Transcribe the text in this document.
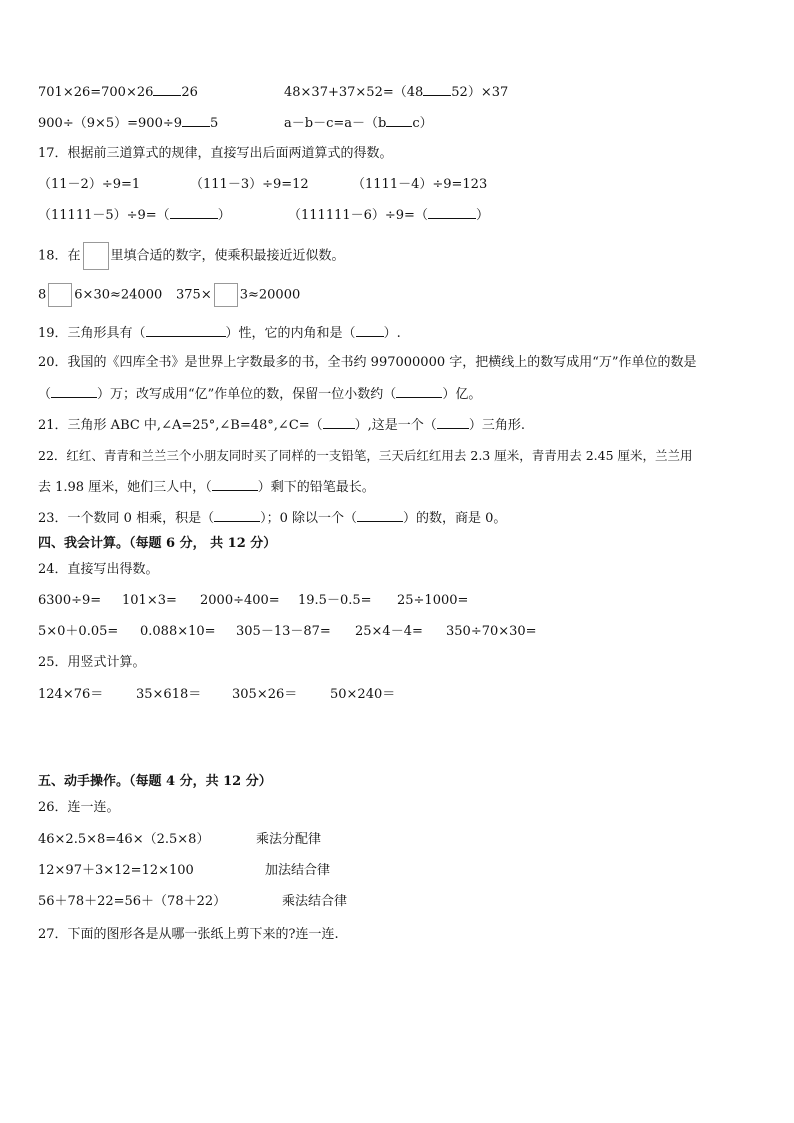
701×26=700×26 26	48×37+37×52=（48 52）×37
900÷（9×5）=900÷9 5	a－b－c=a－（b c）
17．根据前三道算式的规律，直接写出后面两道算式的得数。
（11－2）÷9=1	（111－3）÷9=12	（1111－4）÷9=123
（11111－5）÷9=（	）	（111111－6）÷9=（	）
18．在 里填合适的数字，使乘积最接近近似数。
8 6×30≈24000 375× 3≈20000
19．三角形具有（	）性，它的内角和是（ ）.
20．我国的《四库全书》是世界上字数最多的书，全书约 997000000 字，把横线上的数写成用“万”作单位的数是
（	）万；改写成用“亿”作单位的数，保留一位小数约（	）亿。
21．三角形 ABC 中,∠A=25°,∠B=48°,∠C=（ ）,这是一个（ ）三角形.
22．红红、青青和兰兰三个小朋友同时买了同样的一支铅笔，三天后红红用去 2.3 厘米，青青用去 2.45 厘米，兰兰用
去 1.98 厘米，她们三人中，（	）剩下的铅笔最长。
23．一个数同 0 相乘，积是（	）；0 除以一个（	）的数，商是 0。
四、我会计算。（每题 6 分， 共 12 分）
24．直接写出得数。
6300÷9= 101×3= 2000÷400= 19.5－0.5= 25÷1000=
5×0＋0.05= 0.088×10= 305－13－87= 25×4－4= 350÷70×30=
25．用竖式计算。
124×76＝	35×618＝ 305×26＝	50×240＝
五、动手操作。（每题 4 分，共 12 分）
26．连一连。
46×2.5×8=46×（2.5×8）	乘法分配律
12×97＋3×12=12×100	加法结合律
56＋78＋22=56＋（78＋22）	乘法结合律
27．下面的图形各是从哪一张纸上剪下来的?连一连.
